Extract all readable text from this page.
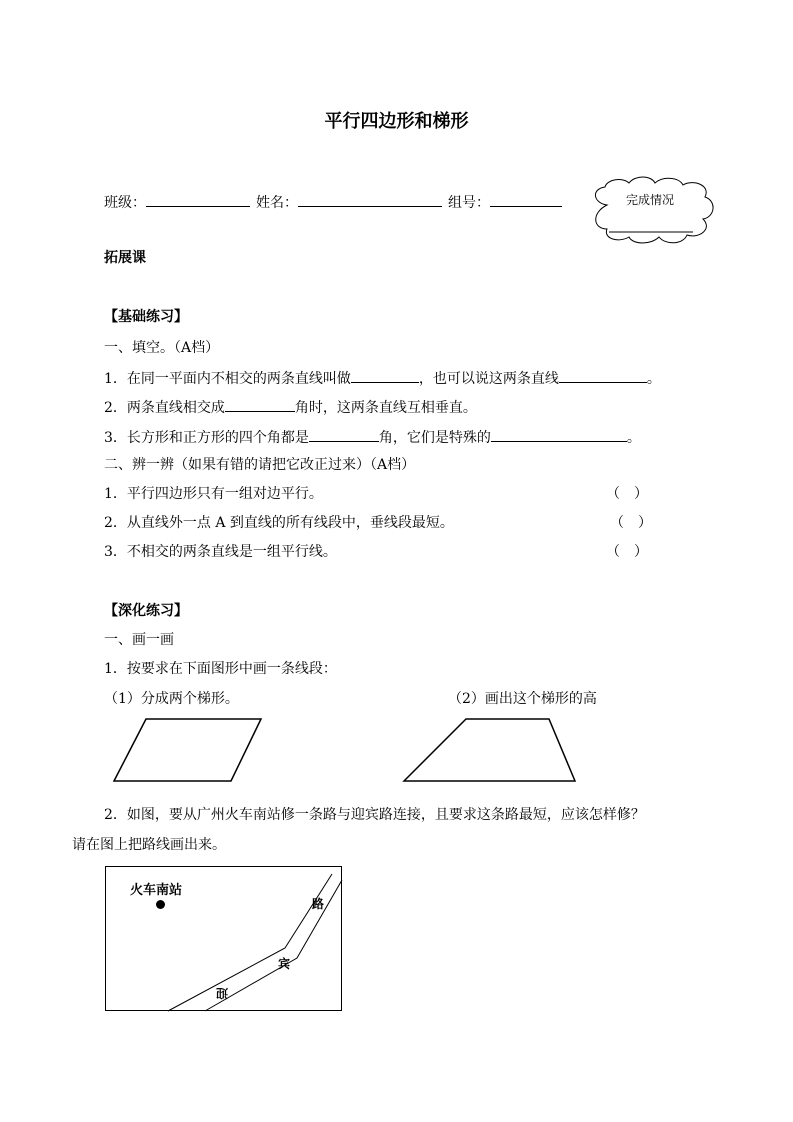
平行四边形和梯形
班级：	姓名：	组号：	完成情况
拓展课
【基础练习】
一、填空。（A档）
1．在同一平面内不相交的两条直线叫做	，也可以说这两条直线	。
2．两条直线相交成	角时，这两条直线互相垂直。
3．长方形和正方形的四个角都是	角，它们是特殊的	。
二、辨一辨（如果有错的请把它改正过来）（A档）
1．平行四边形只有一组对边平行。	（　）
2．从直线外一点 A 到直线的所有线段中，垂线段最短。	（　）
3．不相交的两条直线是一组平行线。	（　）
【深化练习】
一、画一画
1．按要求在下面图形中画一条线段：
（1）分成两个梯形。	（2）画出这个梯形的高
2．如图，要从广州火车南站修一条路与迎宾路连接，且要求这条路最短，应该怎样修？
请在图上把路线画出来。
火车南站
迎
宾
路
